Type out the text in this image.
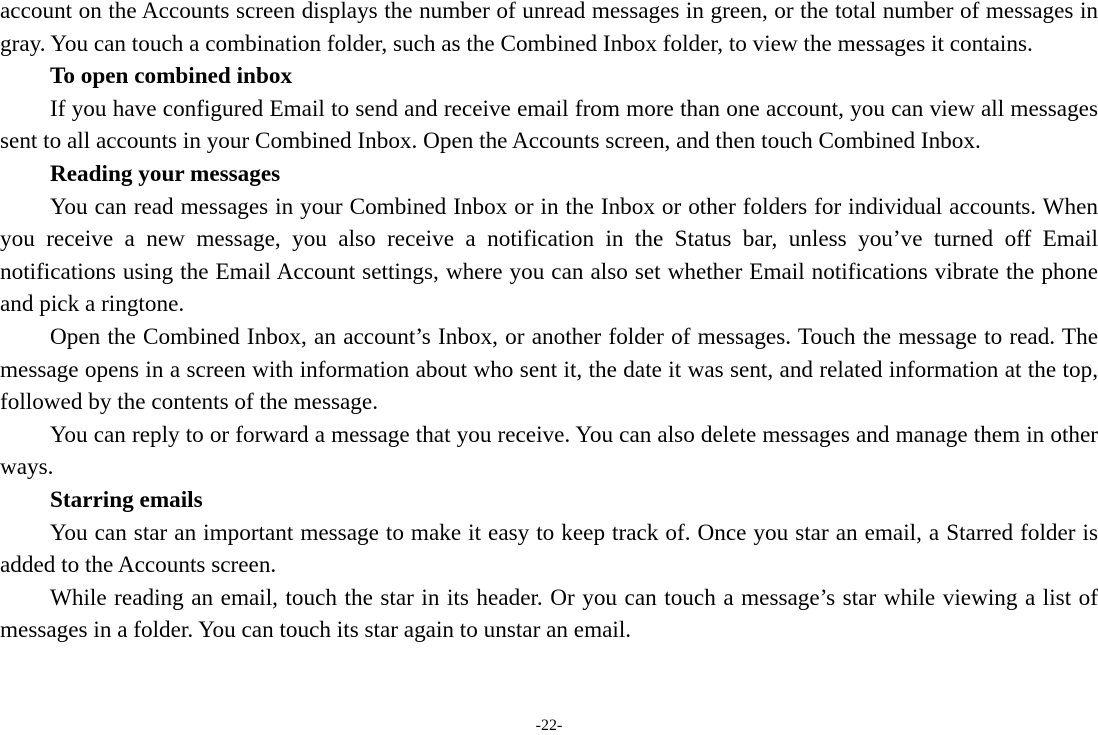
account on the Accounts screen displays the number of unread messages in green, or the total number of messages in gray. You can touch a combination folder, such as the Combined Inbox folder, to view the messages it contains.

To open combined inbox

If you have configured Email to send and receive email from more than one account, you can view all messages sent to all accounts in your Combined Inbox. Open the Accounts screen, and then touch Combined Inbox.

Reading your messages

You can read messages in your Combined Inbox or in the Inbox or other folders for individual accounts. When you receive a new message, you also receive a notification in the Status bar, unless you’ve turned off Email notifications using the Email Account settings, where you can also set whether Email notifications vibrate the phone and pick a ringtone.

Open the Combined Inbox, an account’s Inbox, or another folder of messages. Touch the message to read. The message opens in a screen with information about who sent it, the date it was sent, and related information at the top, followed by the contents of the message.

You can reply to or forward a message that you receive. You can also delete messages and manage them in other ways.

Starring emails

You can star an important message to make it easy to keep track of. Once you star an email, a Starred folder is added to the Accounts screen.

While reading an email, touch the star in its header. Or you can touch a message’s star while viewing a list of messages in a folder. You can touch its star again to unstar an email.

-22-
